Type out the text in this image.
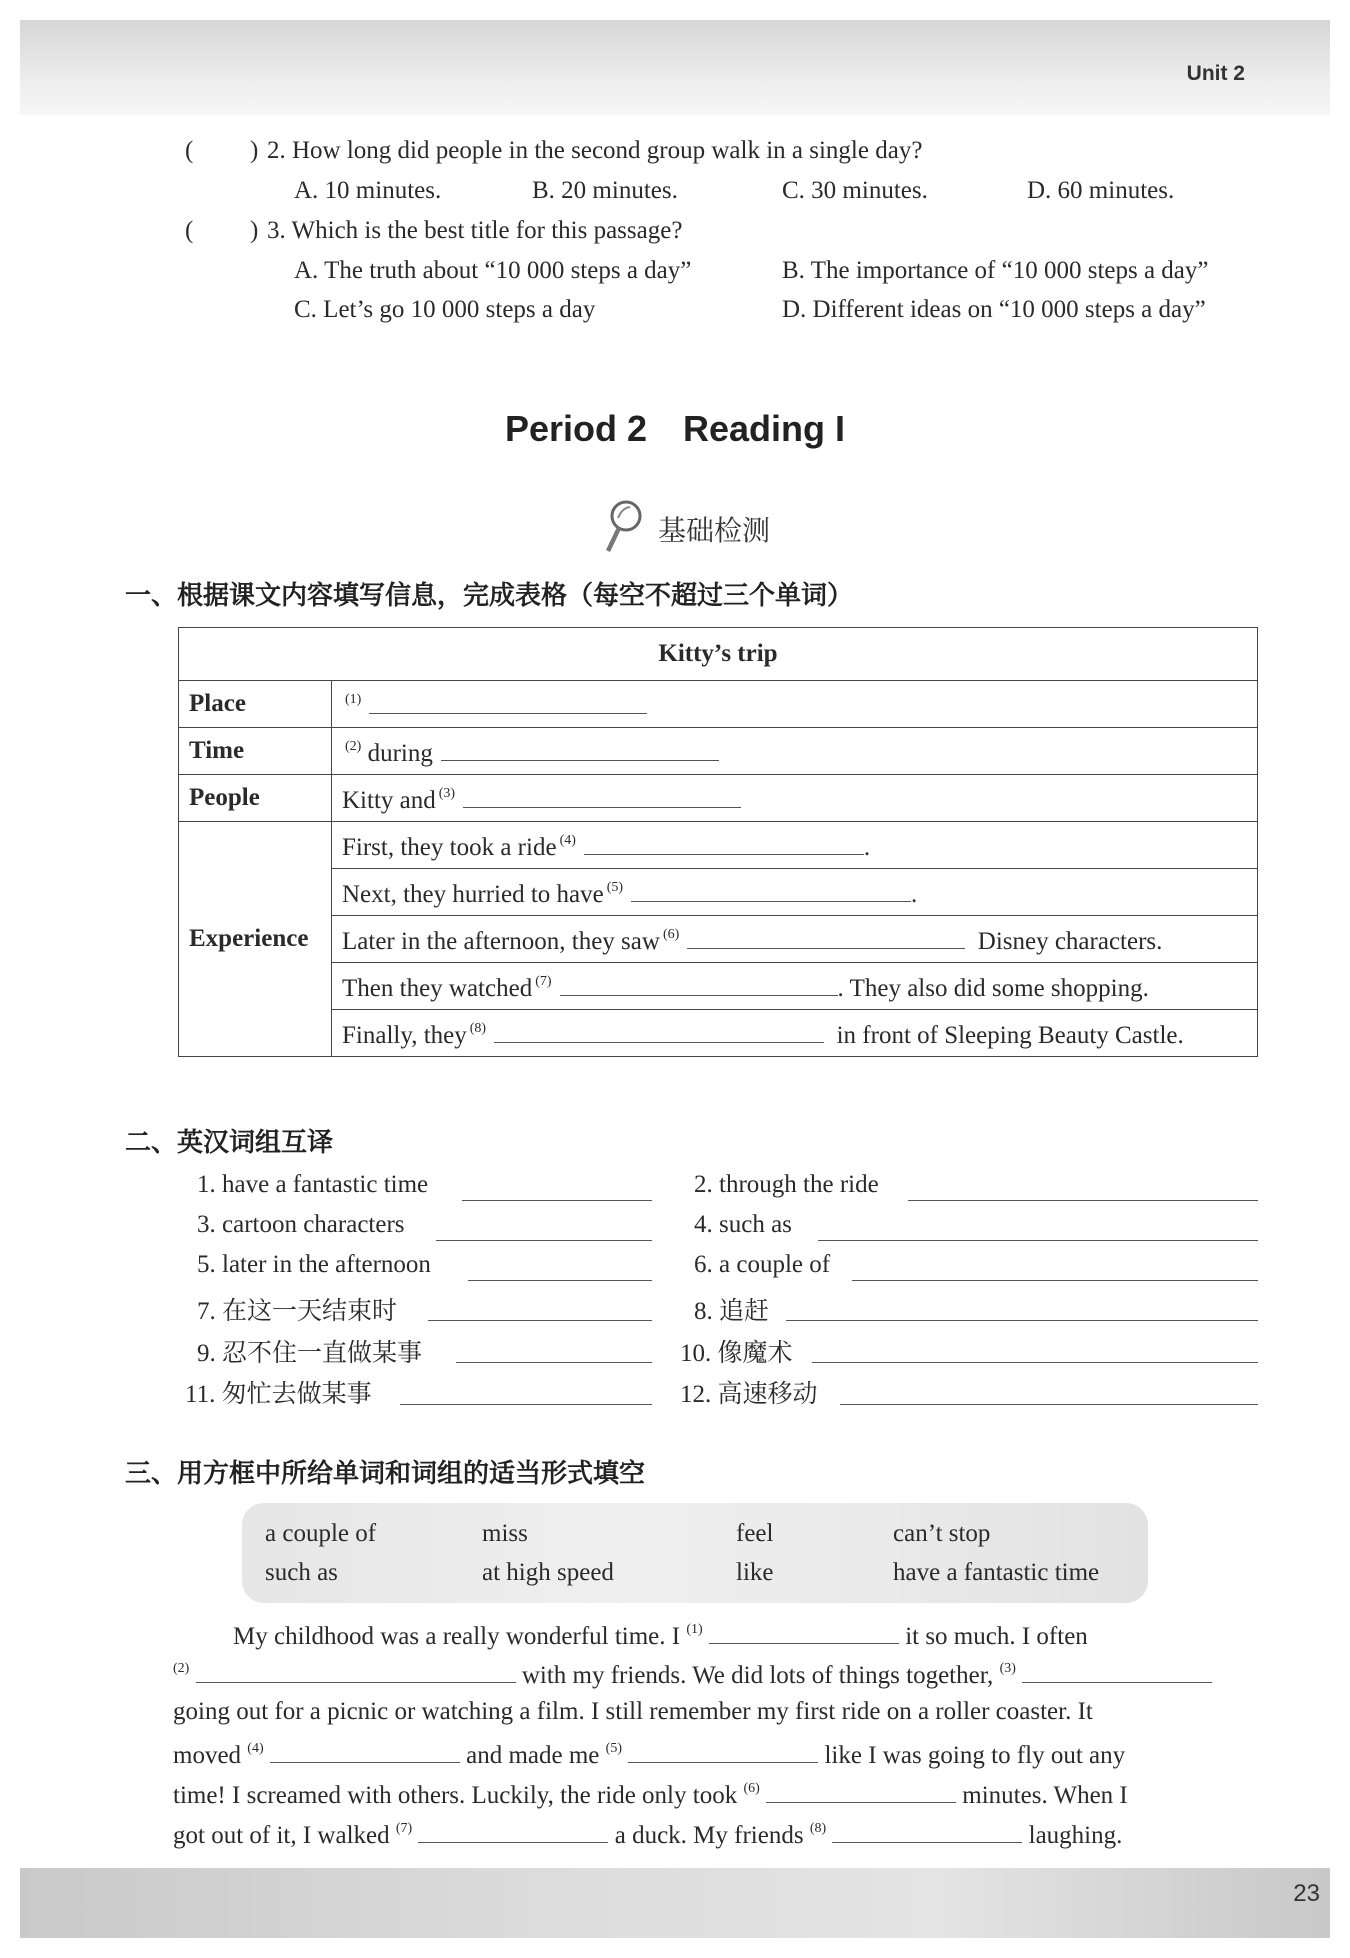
Unit 2
( ) 2. How long did people in the second group walk in a single day?
A. 10 minutes.	B. 20 minutes.	C. 30 minutes.	D. 60 minutes.
( ) 3. Which is the best title for this passage?
A. The truth about “10 000 steps a day”	B. The importance of “10 000 steps a day”
C. Let’s go 10 000 steps a day	D. Different ideas on “10 000 steps a day”
Period 2 Reading I
基础检测
一、根据课文内容填写信息，完成表格（每空不超过三个单词）
Kitty’s trip	
Place	$^{(1)}$
Time	$^{(2)}$ during
People	Kitty and $^{(3)}$
Experience	First, they took a ride $^{(4)}$ .
	Next, they hurried to have $^{(5)}$ .
	Later in the afternoon, they saw $^{(6)}$ Disney characters.
	Then they watched $^{(7)}$ . They also did some shopping.
	Finally, they $^{(8)}$ in front of Sleeping Beauty Castle.
二、英汉词组互译
1. have a fantastic time	2. through the ride
3. cartoon characters	4. such as
5. later in the afternoon	6. a couple of
7. 在这一天结束时	8. 追赶
9. 忍不住一直做某事	10. 像魔术
11. 匆忙去做某事	12. 高速移动
三、用方框中所给单词和词组的适当形式填空
a couple of	miss	feel	can’t stop
such as	at high speed	like	have a fantastic time
My childhood was a really wonderful time. I $^{(1)}$	it so much. I often
$^{(2)}$	with my friends. We did lots of things together, $^{(3)}$
going out for a picnic or watching a film. I still remember my first ride on a roller coaster. It
moved $^{(4)}$	and made me $^{(5)}$	like I was going to fly out any
time! I screamed with others. Luckily, the ride only took $^{(6)}$	minutes. When I
got out of it, I walked $^{(7)}$	a duck. My friends $^{(8)}$	laughing.
23
